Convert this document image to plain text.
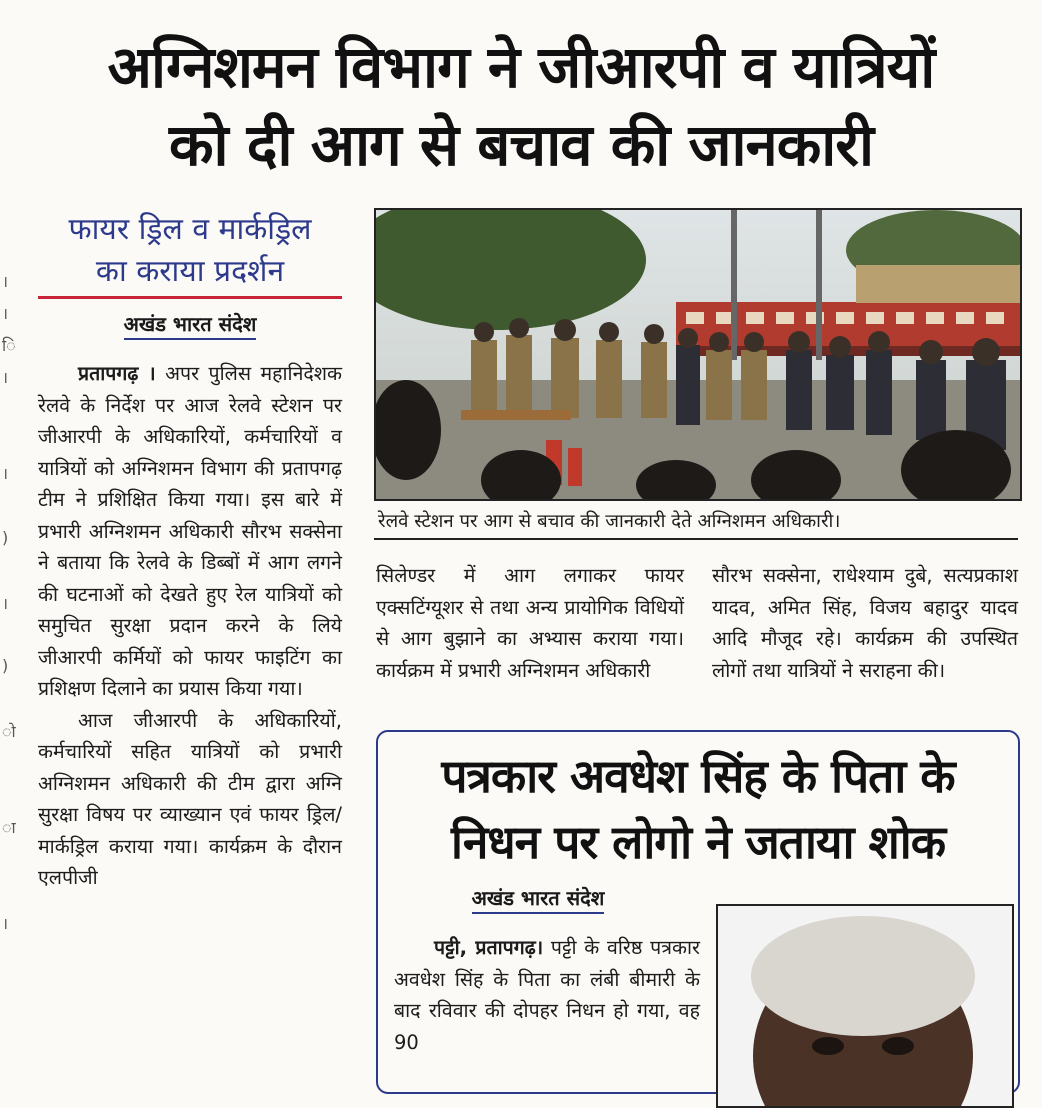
।
।
ि
।
।
)
।
)
ो
ा
।
अग्निशमन विभाग ने जीआरपी व यात्रियों
को दी आग से बचाव की जानकारी
फायर ड्रिल व मार्कड्रिल
का कराया प्रदर्शन
अखंड भारत संदेश
प्रतापगढ़ । अपर पुलिस महानिदेशक रेलवे के निर्देश पर आज रेलवे स्टेशन पर जीआरपी के अधिकारियों, कर्मचारियों व यात्रियों को अग्निशमन विभाग की प्रतापगढ़ टीम ने प्रशिक्षित किया गया। इस बारे में प्रभारी अग्निशमन अधिकारी सौरभ सक्सेना ने बताया कि रेलवे के डिब्बों में आग लगने की घटनाओं को देखते हुए रेल यात्रियों को समुचित सुरक्षा प्रदान करने के लिये जीआरपी कर्मियों को फायर फाइटिंग का प्रशिक्षण दिलाने का प्रयास किया गया।
आज जीआरपी के अधिकारियों, कर्मचारियों सहित यात्रियों को प्रभारी अग्निशमन अधिकारी की टीम द्वारा अग्नि सुरक्षा विषय पर व्याख्यान एवं फायर ड्रिल/मार्कड्रिल कराया गया। कार्यक्रम के दौरान एलपीजी
रेलवे स्टेशन पर आग से बचाव की जानकारी देते अग्निशमन अधिकारी।
सिलेण्डर में आग लगाकर फायर एक्सटिंग्यूशर से तथा अन्य प्रायोगिक विधियों से आग बुझाने का अभ्यास कराया गया। कार्यक्रम में प्रभारी अग्निशमन अधिकारी
सौरभ सक्सेना, राधेश्याम दुबे, सत्यप्रकाश यादव, अमित सिंह, विजय बहादुर यादव आदि मौजूद रहे। कार्यक्रम की उपस्थित लोगों तथा यात्रियों ने सराहना की।
पत्रकार अवधेश सिंह के पिता के
निधन पर लोगो ने जताया शोक
अखंड भारत संदेश
पट्टी, प्रतापगढ़। पट्टी के वरिष्ठ पत्रकार अवधेश सिंह के पिता का लंबी बीमारी के बाद रविवार की दोपहर निधन हो गया, वह 90
